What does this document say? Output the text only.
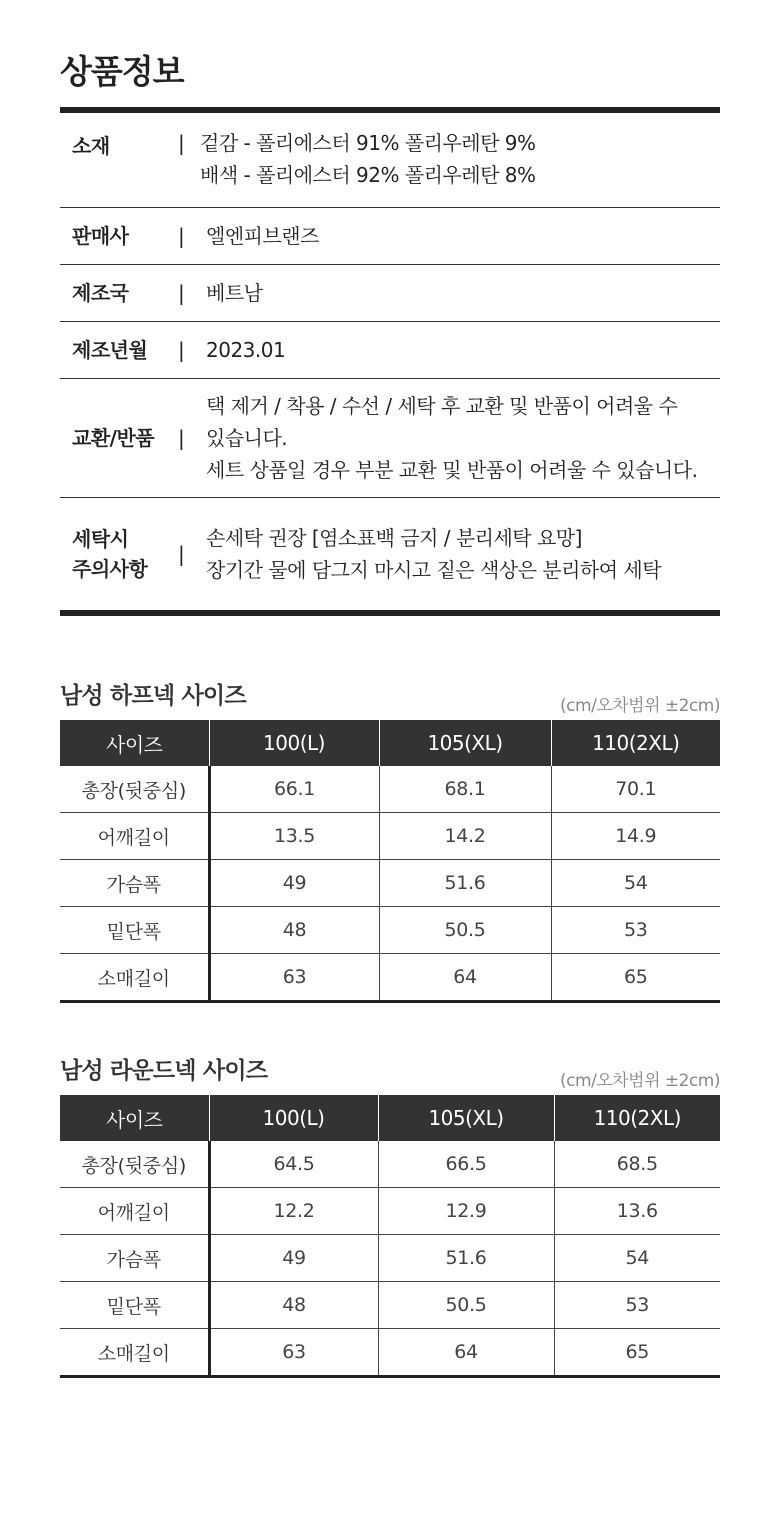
상품정보
소재	| 겉감 - 폴리에스터 91% 폴리우레탄 9%
배색 - 폴리에스터 92% 폴리우레탄 8%
판매사	|	엘엔피브랜즈
제조국	|	베트남
제조년월	|	2023.01
교환/반품	|
택 제거 / 착용 / 수선 / 세탁 후 교환 및 반품이 어려울 수
있습니다.
세트 상품일 경우 부분 교환 및 반품이 어려울 수 있습니다.
세탁시
주의사항
|
손세탁 권장 [염소표백 금지 / 분리세탁 요망]
장기간 물에 담그지 마시고 짙은 색상은 분리하여 세탁
남성 하프넥 사이즈	(cm/오차범위 ±2cm)
사이즈	100(L)	105(XL)	110(2XL)
총장(뒷중심)	66.1	68.1	70.1
어깨길이	13.5	14.2	14.9
가슴폭	49	51.6	54
밑단폭	48	50.5	53
소매길이	63	64	65
남성 라운드넥 사이즈	(cm/오차범위 ±2cm)
사이즈	100(L)	105(XL)	110(2XL)
총장(뒷중심)	64.5	66.5	68.5
어깨길이	12.2	12.9	13.6
가슴폭	49	51.6	54
밑단폭	48	50.5	53
소매길이	63	64	65
